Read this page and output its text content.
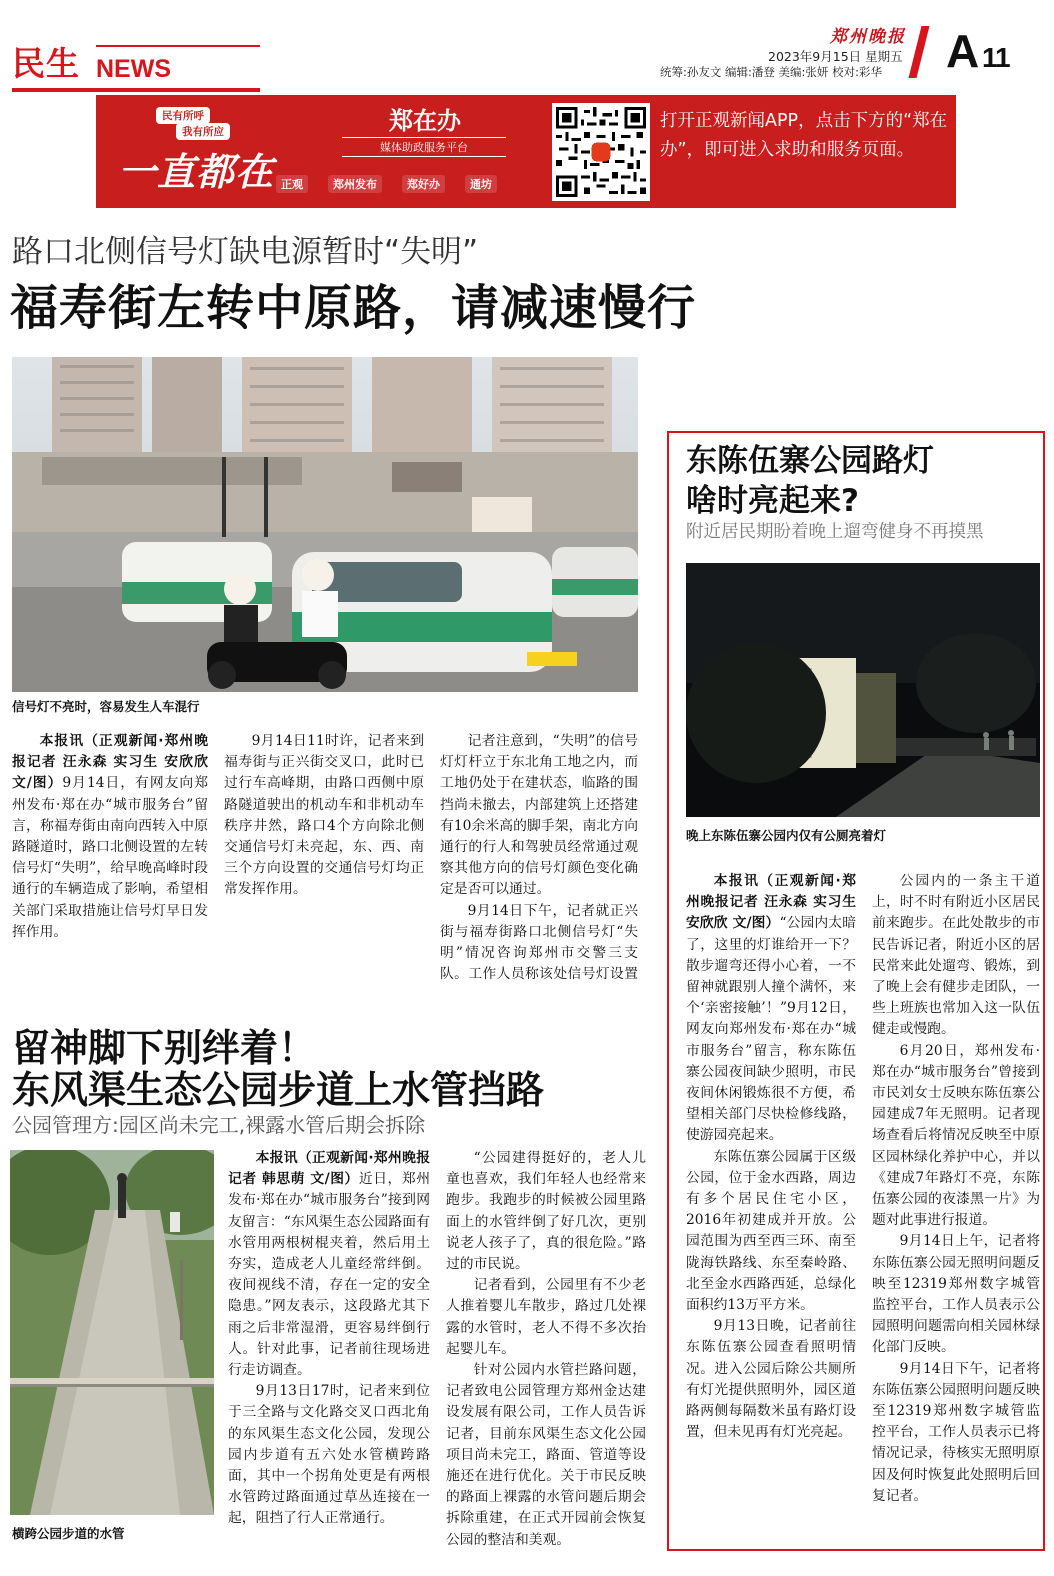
民生 NEWS
郑州晚报
2023年9月15日 星期五
统筹:孙友文 编辑:潘登 美编:张妍 校对:彩华 A 11
民有所呼
我有所应
一直都在
郑在办
媒体助政服务平台
正观	郑州发布	郑好办	通坊
打开正观新闻APP，点击下方的“郑在办”，即可进入求助和服务页面。
路口北侧信号灯缺电源暂时“失明”
福寿街左转中原路，请减速慢行
信号灯不亮时，容易发生人车混行

本报讯（正观新闻·郑州晚报记者 汪永森 实习生 安欣欣 文/图）9月14日，有网友向郑州发布·郑在办“城市服务台”留言，称福寿街由南向西转入中原路隧道时，路口北侧设置的左转信号灯“失明”，给早晚高峰时段通行的车辆造成了影响，希望相关部门采取措施让信号灯早日发挥作用。

9月14日11时许，记者来到福寿街与正兴街交叉口，此时已过行车高峰期，由路口西侧中原路隧道驶出的机动车和非机动车秩序井然，路口4个方向除北侧交通信号灯未亮起，东、西、南三个方向设置的交通信号灯均正常发挥作用。

记者注意到，“失明”的信号灯灯杆立于东北角工地之内，而工地仍处于在建状态，临路的围挡尚未撤去，内部建筑上还搭建有10余米高的脚手架，南北方向通行的行人和驾驶员经常通过观察其他方向的信号灯颜色变化确定是否可以通过。

9月14日下午，记者就正兴街与福寿街路口北侧信号灯“失明”情况咨询郑州市交警三支队。工作人员称该处信号灯设置

东陈伍寨公园路灯
啥时亮起来?
附近居民期盼着晚上遛弯健身不再摸黑
晚上东陈伍寨公园内仅有公厕亮着灯

本报讯（正观新闻·郑州晚报记者 汪永森 实习生 安欣欣 文/图）“公园内太暗了，这里的灯谁给开一下？散步遛弯还得小心着，一不留神就跟别人撞个满怀，来个‘亲密接触’！”9月12日，网友向郑州发布·郑在办“城市服务台”留言，称东陈伍寨公园夜间缺少照明，市民夜间休闲锻炼很不方便，希望相关部门尽快检修线路，使游园亮起来。

东陈伍寨公园属于区级公园，位于金水西路，周边有多个居民住宅小区，2016年初建成并开放。公园范围为西至西三环、南至陇海铁路线、东至秦岭路、北至金水西路西延，总绿化面积约13万平方米。

9月13日晚，记者前往东陈伍寨公园查看照明情况。进入公园后除公共厕所有灯光提供照明外，园区道路两侧每隔数米虽有路灯设置，但未见再有灯光亮起。

公园内的一条主干道上，时不时有附近小区居民前来跑步。在此处散步的市民告诉记者，附近小区的居民常来此处遛弯、锻炼，到了晚上会有健步走团队，一些上班族也常加入这一队伍健走或慢跑。

6月20日，郑州发布·郑在办“城市服务台”曾接到市民刘女士反映东陈伍寨公园建成7年无照明。记者现场查看后将情况反映至中原区园林绿化养护中心，并以《建成7年路灯不亮，东陈伍寨公园的夜漆黑一片》为题对此事进行报道。

9月14日上午，记者将东陈伍寨公园无照明问题反映至12319郑州数字城管监控平台，工作人员表示公园照明问题需向相关园林绿化部门反映。

9月14日下午，记者将东陈伍寨公园照明问题反映至12319郑州数字城管监控平台，工作人员表示已将情况记录，待核实无照明原因及何时恢复此处照明后回复记者。

留神脚下别绊着！
东风渠生态公园步道上水管挡路
公园管理方:园区尚未完工,裸露水管后期会拆除
横跨公园步道的水管

本报讯（正观新闻·郑州晚报记者 韩思萌 文/图）近日，郑州发布·郑在办“城市服务台”接到网友留言：“东风渠生态公园路面有水管用两根树棍夹着，然后用土夯实，造成老人儿童经常绊倒。夜间视线不清，存在一定的安全隐患。”网友表示，这段路尤其下雨之后非常湿滑，更容易绊倒行人。针对此事，记者前往现场进行走访调查。

9月13日17时，记者来到位于三全路与文化路交叉口西北角的东风渠生态文化公园，发现公园内步道有五六处水管横跨路面，其中一个拐角处更是有两根水管跨过路面通过草丛连接在一起，阻挡了行人正常通行。

“公园建得挺好的，老人儿童也喜欢，我们年轻人也经常来跑步。我跑步的时候被公园里路面上的水管绊倒了好几次，更别说老人孩子了，真的很危险。”路过的市民说。

记者看到，公园里有不少老人推着婴儿车散步，路过几处裸露的水管时，老人不得不多次抬起婴儿车。

针对公园内水管拦路问题，记者致电公园管理方郑州金达建设发展有限公司，工作人员告诉记者，目前东风渠生态文化公园项目尚未完工，路面、管道等设施还在进行优化。关于市民反映的路面上裸露的水管问题后期会拆除重建，在正式开园前会恢复公园的整洁和美观。
